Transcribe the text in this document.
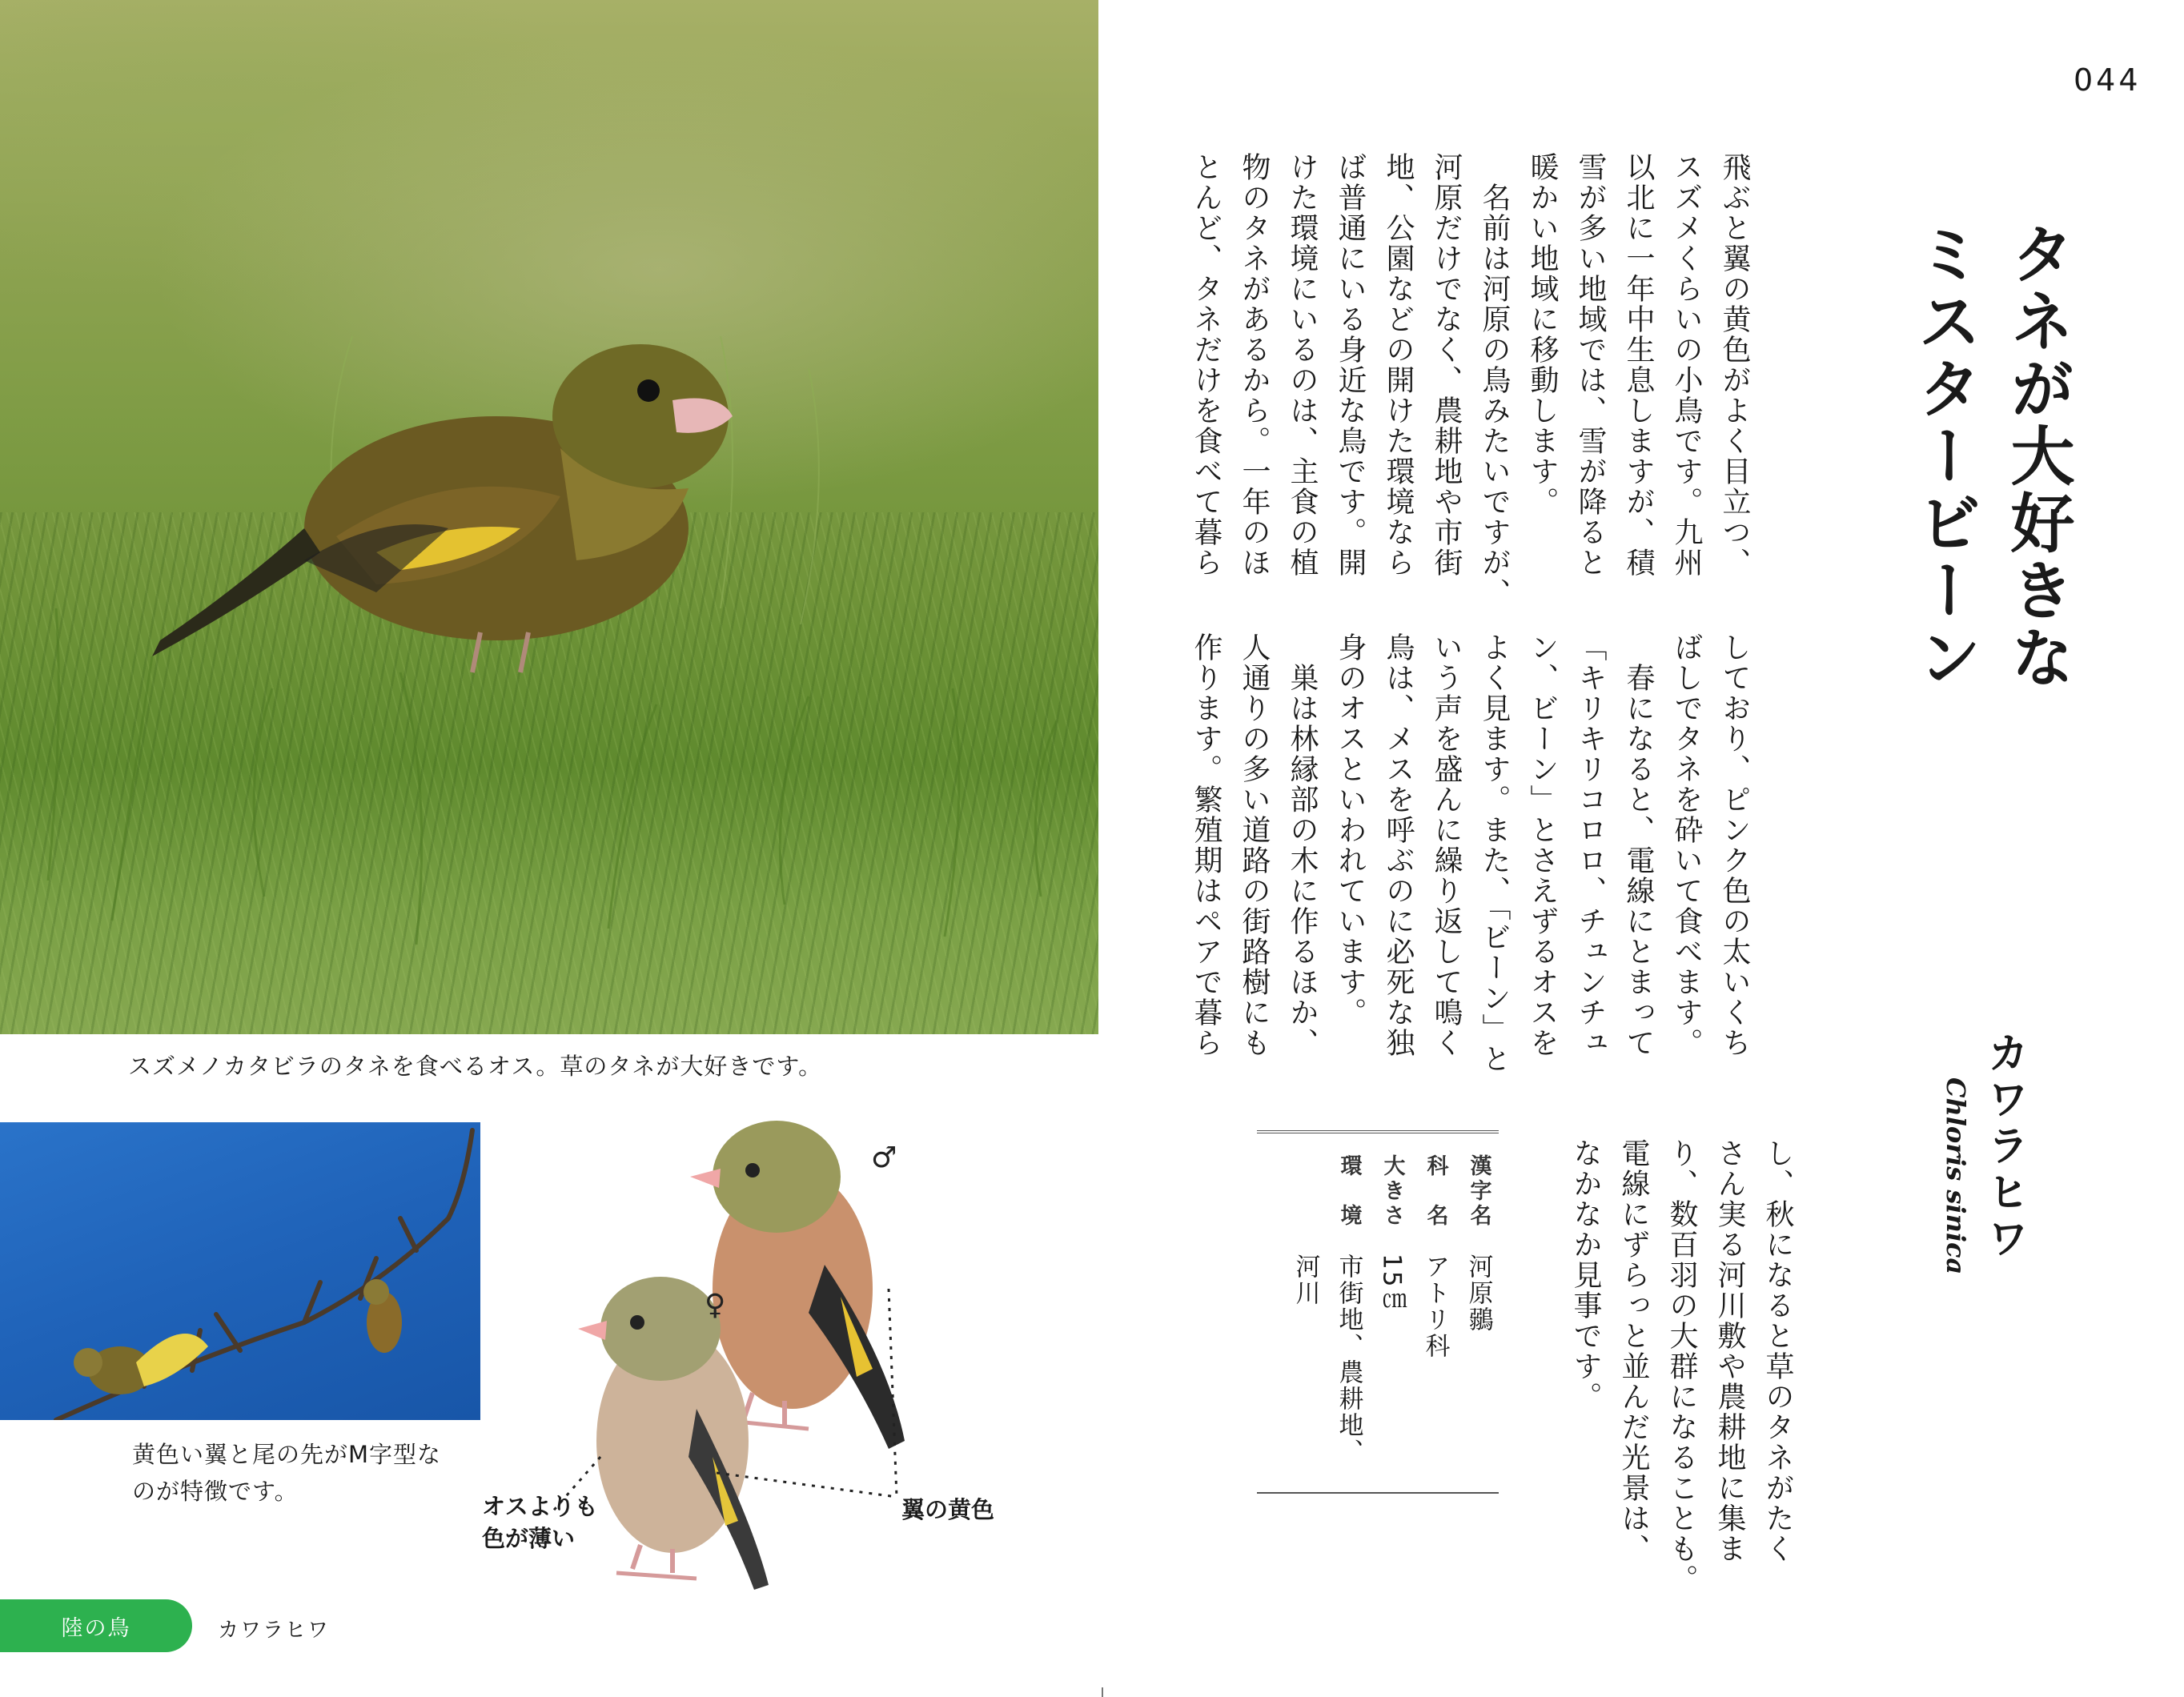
スズメノカタビラのタネを食べるオス。草のタネが大好きです。
黄色い翼と尾の先がM字型な
のが特徴です。
♂
♀
オスよりも
色が薄い
翼の黄色
陸の鳥	カワラヒワ
044
タネが大好きな
ミスタービーン
カワラヒワ
Chloris sinica
飛ぶと翼の黄色がよく目立つ、
スズメくらいの小鳥です。九州
以北に一年中生息しますが、積
雪が多い地域では、雪が降ると
暖かい地域に移動します。
　名前は河原の鳥みたいですが、
河原だけでなく、農耕地や市街
地、公園などの開けた環境なら
ば普通にいる身近な鳥です。開
けた環境にいるのは、主食の植
物のタネがあるから。一年のほ
とんど、タネだけを食べて暮ら
しており、ピンク色の太いくち
ばしでタネを砕いて食べます。
　春になると、電線にとまって
「キリキリコロロ、チュンチュ
ン、ビーン」とさえずるオスを
よく見ます。また、「ビーン」と
いう声を盛んに繰り返して鳴く
鳥は、メスを呼ぶのに必死な独
身のオスといわれています。
　巣は林縁部の木に作るほか、
人通りの多い道路の街路樹にも
作ります。繁殖期はペアで暮ら
し、秋になると草のタネがたく
さん実る河川敷や農耕地に集ま
り、数百羽の大群になることも。
電線にずらっと並んだ光景は、
なかなか見事です。
漢字名
河原鶸
科　名
アトリ科
大きさ
15㎝
環　境
市街地、農耕地、
河川
